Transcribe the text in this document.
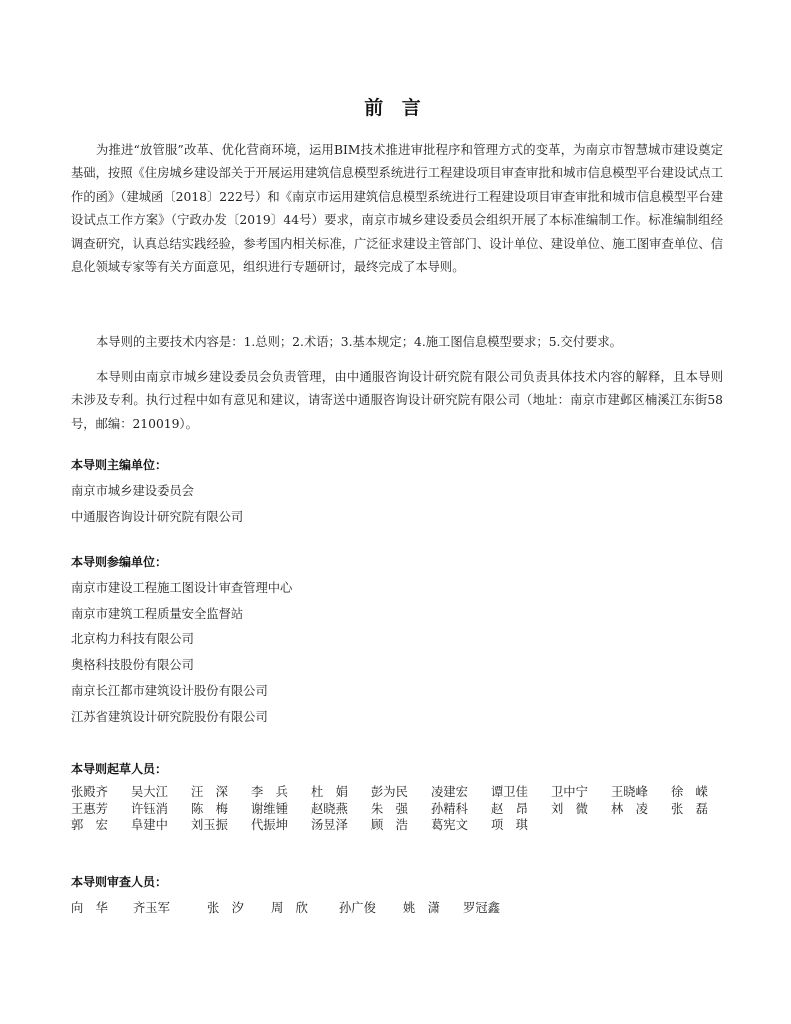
前 言

为推进“放管服”改革、优化营商环境，运用BIM技术推进审批程序和管理方式的变革，为南京市智慧城市建设奠定基础，按照《住房城乡建设部关于开展运用建筑信息模型系统进行工程建设项目审查审批和城市信息模型平台建设试点工作的函》（建城函〔2018〕222号）和《南京市运用建筑信息模型系统进行工程建设项目审查审批和城市信息模型平台建设试点工作方案》（宁政办发〔2019〕44号）要求，南京市城乡建设委员会组织开展了本标准编制工作。标准编制组经调查研究，认真总结实践经验，参考国内相关标准，广泛征求建设主管部门、设计单位、建设单位、施工图审查单位、信息化领域专家等有关方面意见，组织进行专题研讨，最终完成了本导则。

本导则的主要技术内容是：1.总则；2.术语；3.基本规定；4.施工图信息模型要求；5.交付要求。

本导则由南京市城乡建设委员会负责管理，由中通服咨询设计研究院有限公司负责具体技术内容的解释，且本导则未涉及专利。执行过程中如有意见和建议，请寄送中通服咨询设计研究院有限公司（地址：南京市建邺区楠溪江东街58号，邮编：210019）。

本导则主编单位：
南京市城乡建设委员会
中通服咨询设计研究院有限公司
本导则参编单位：
南京市建设工程施工图设计审查管理中心
南京市建筑工程质量安全监督站
北京构力科技有限公司
奥格科技股份有限公司
南京长江都市建筑设计股份有限公司
江苏省建筑设计研究院股份有限公司
本导则起草人员：
张殿齐	吴大江	汪　深	李　兵	杜　娟	彭为民	凌建宏	谭卫佳	卫中宁	王晓峰	徐　嵘
王惠芳	许钰消	陈　梅	谢维锺	赵晓燕	朱　强	孙精科	赵　昂	刘　微	林　凌	张　磊
郭　宏	阜建中	刘玉振	代振坤	汤昱泽	顾　浩	葛宪文	项　琪
本导则审查人员：
向　华	齐玉军	张　汐	周　欣	孙广俊	姚　潇	罗冠鑫
